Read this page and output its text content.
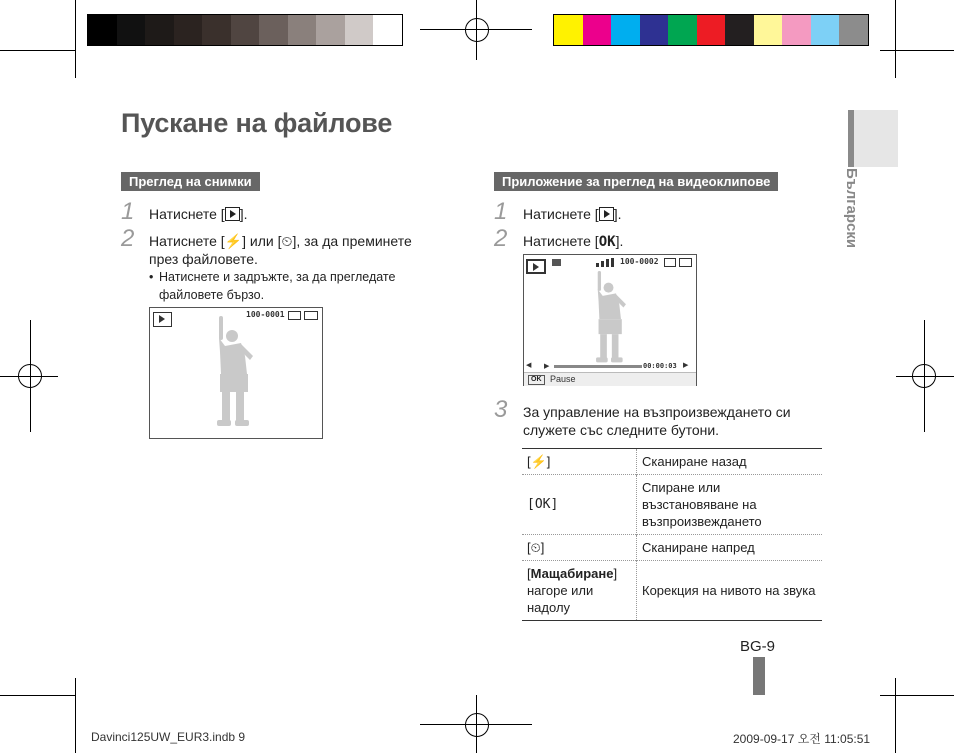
Пускане на файлове
Български
Преглед на снимки
1 Натиснете [ ].
2 Натиснете [⚡] или [⏲], за да преминете
през файловете.
• Натиснете и задръжте, за да прегледате
файловете бързо.
100-0001
Приложение за преглед на видеоклипове
1 Натиснете [ ].
2 Натиснете [OK].
100-0002
◀	▶	00:00:03 ▶
OK Pause
3 За управление на възпроизвеждането си
служете със следните бутони.
[⚡]	Сканиране назад
[OK]	Спиране или възстановяване на възпроизвеждането
[⏲]	Сканиране напред
[Мащабиране]
нагоре или надолу	Корекция на нивото на звука
BG-9
Davinci125UW_EUR3.indb 9	2009-09-17 오전 11:05:51
